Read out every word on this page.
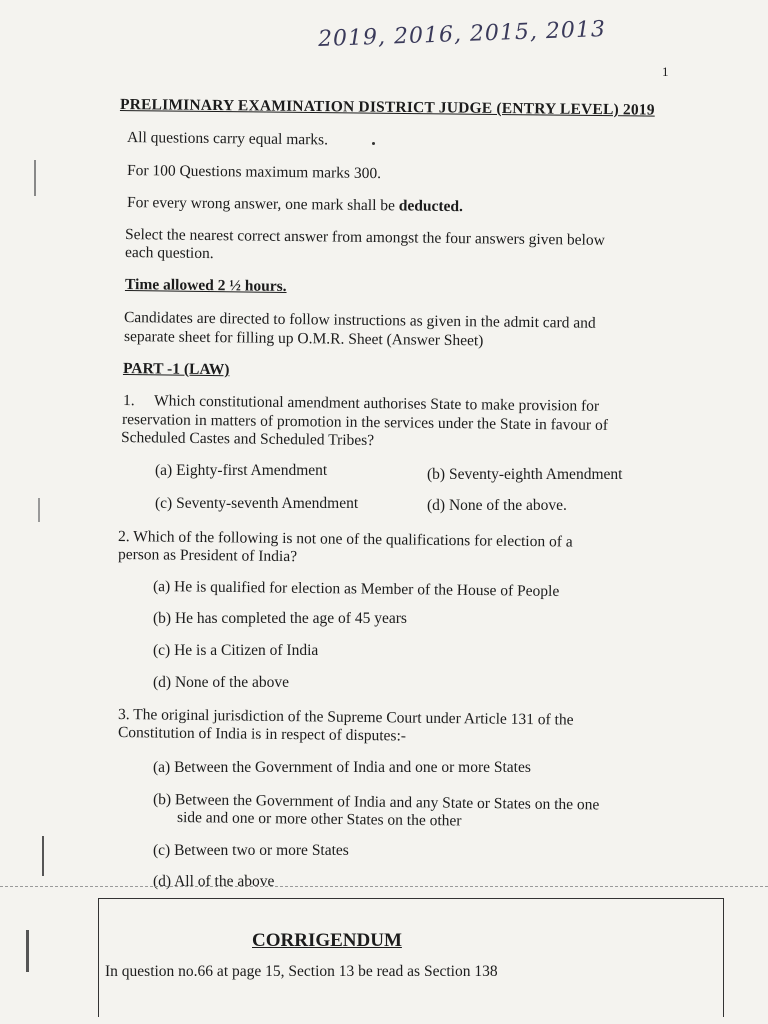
2019, 2016, 2015, 2013
1
PRELIMINARY EXAMINATION DISTRICT JUDGE (ENTRY LEVEL) 2019
All questions carry equal marks.
For 100 Questions maximum marks 300.
For every wrong answer, one mark shall be deducted.
Select the nearest correct answer from amongst the four answers given below
each question.
Time allowed 2 ½ hours.
Candidates are directed to follow instructions as given in the admit card and
separate sheet for filling up O.M.R. Sheet (Answer Sheet)
PART -1 (LAW)
1. Which constitutional amendment authorises State to make provision for
reservation in matters of promotion in the services under the State in favour of
Scheduled Castes and Scheduled Tribes?
(a) Eighty-first Amendment	(b) Seventy-eighth Amendment
(c) Seventy-seventh Amendment	(d) None of the above.
2. Which of the following is not one of the qualifications for election of a
person as President of India?
(a) He is qualified for election as Member of the House of People
(b) He has completed the age of 45 years
(c) He is a Citizen of India
(d) None of the above
3. The original jurisdiction of the Supreme Court under Article 131 of the
Constitution of India is in respect of disputes:-
(a) Between the Government of India and one or more States
(b) Between the Government of India and any State or States on the one
side and one or more other States on the other
(c) Between two or more States
(d) All of the above
CORRIGENDUM
In question no.66 at page 15, Section 13 be read as Section 138
